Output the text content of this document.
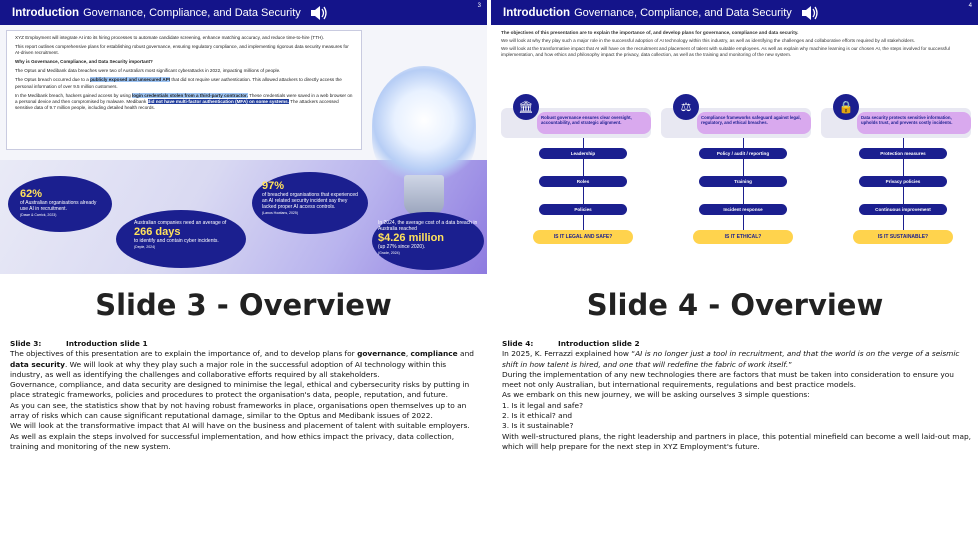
Introduction Governance, Compliance, and Data Security
3

XYZ Employment will integrate AI into its hiring processes to automate candidate screening, enhance matching accuracy, and reduce time-to-hire (TTH).

This report outlines comprehensive plans for establishing robust governance, ensuring regulatory compliance, and implementing rigorous data security measures for AI-driven recruitment.

Why is Governance, Compliance, and Data Security important?

The Optus and Medibank data breaches were two of Australia's most significant cyberattacks in 2022, impacting millions of people.

The Optus breach occurred due to a publicly exposed and unsecured API that did not require user authentication. This allowed attackers to directly access the personal information of over 9.5 million customers.

In the Medibank breach, hackers gained access by using login credentials stolen from a third-party contractor. These credentials were saved in a web browser on a personal device and then compromised by malware. Medibank did not have multi-factor authentication (MFA) on some systems. The attackers accessed sensitive data of 9.7 million people, including detailed health records.

62%
of Australian organisations already use AI in recruitment.
(Dawe & Carrick, 2023)
Australian companies need an average of
266 days
to identify and contain cyber incidents.
(Deple, 2024)
97%
of breached organisations that experienced an AI related security incident say they lacked proper AI access controls.
(Lanos Howlans, 2025)
In 2024, the average cost of a data breach in Australia reached
$4.26 million
(up 27% since 2020).
(Grade, 2024)
Introduction Governance, Compliance, and Data Security
4

The objectives of this presentation are to explain the importance of, and develop plans for governance, compliance and data security.

We will look at why they play such a major role in the successful adoption of AI technology within this industry, as well as identifying the challenges and collaborative efforts required by all stakeholders.

We will look at the transformative impact that AI will have on the recruitment and placement of talent with suitable employees. As well as explain why machine learning is our chosen AI, the steps involved for successful implementation, and how ethics and philosophy impact the privacy, data collection, as well as the training and monitoring of the new system.

Robust governance ensures clear oversight, accountability, and strategic alignment.
🏛
Leadership
Roles
Policies
IS IT LEGAL AND SAFE?
Compliance frameworks safeguard against legal, regulatory, and ethical breaches.
⚖
Policy / audit / reporting
Training
Incident response
IS IT ETHICAL?
Data security protects sensitive information, upholds trust, and prevents costly incidents.
🔒
Protection measures
Privacy policies
Continuous improvement
IS IT SUSTAINABLE?
Slide 3 - Overview	Slide 4 - Overview

Slide 3:	Introduction slide 1

The objectives of this presentation are to explain the importance of, and to develop plans for governance, compliance and data security. We will look at why they play such a major role in the successful adoption of AI technology within this industry, as well as identifying the challenges and collaborative efforts required by all stakeholders.

Governance, compliance, and data security are designed to minimise the legal, ethical and cybersecurity risks by putting in place strategic frameworks, policies and procedures to protect the organisation's data, people, reputation, and future.

As you can see, the statistics show that by not having robust frameworks in place, organisations open themselves up to an array of risks which can cause significant reputational damage, similar to the Optus and Medibank issues of 2022.

We will look at the transformative impact that AI will have on the business and placement of talent with suitable employers. As well as explain the steps involved for successful implementation, and how ethics impact the privacy, data collection, training and monitoring of the new system.

Slide 4:	Introduction slide 2

In 2025, K. Ferrazzi explained how “AI is no longer just a tool in recruitment, and that the world is on the verge of a seismic shift in how talent is hired, and one that will redefine the fabric of work itself.”

During the implementation of any new technologies there are factors that must be taken into consideration to ensure you meet not only Australian, but international requirements, regulations and best practice models.

As we embark on this new journey, we will be asking ourselves 3 simple questions:

1. Is it legal and safe?

2. Is it ethical? and

3. Is it sustainable?

With well-structured plans, the right leadership and partners in place, this potential minefield can become a well laid-out map, which will help prepare for the next step in XYZ Employment's future.
